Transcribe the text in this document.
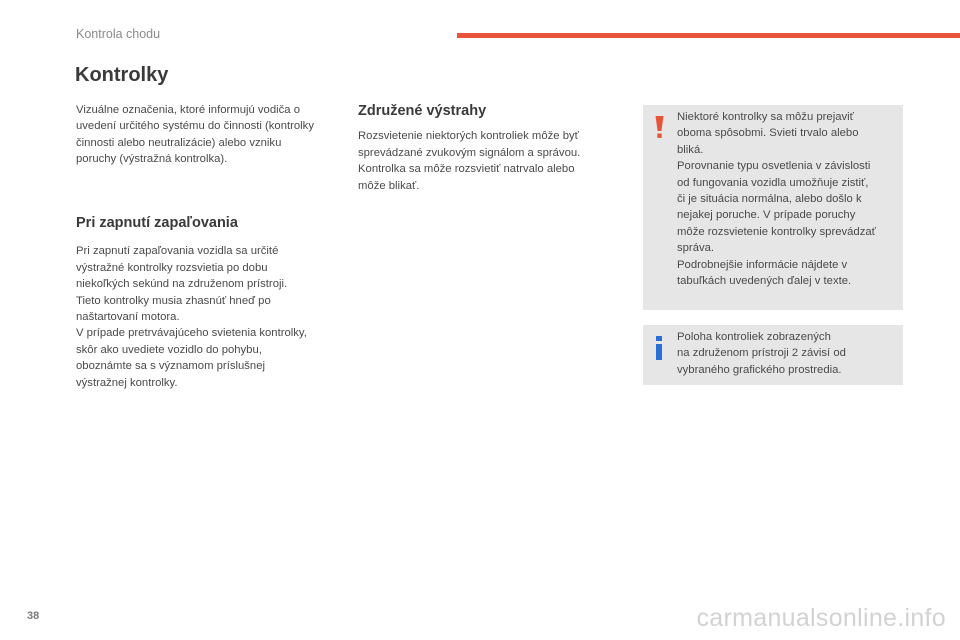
Kontrola chodu
Kontrolky

Vizuálne označenia, ktoré informujú vodiča o

uvedení určitého systému do činnosti (kontrolky

činnosti alebo neutralizácie) alebo vzniku

poruchy (výstražná kontrolka).

Pri zapnutí zapaľovania

Pri zapnutí zapaľovania vozidla sa určité

výstražné kontrolky rozsvietia po dobu

niekoľkých sekúnd na združenom prístroji.

Tieto kontrolky musia zhasnúť hneď po

naštartovaní motora.

V prípade pretrvávajúceho svietenia kontrolky,

skôr ako uvediete vozidlo do pohybu,

oboznámte sa s významom príslušnej

výstražnej kontrolky.

Združené výstrahy

Rozsvietenie niektorých kontroliek môže byť

sprevádzané zvukovým signálom a správou.

Kontrolka sa môže rozsvietiť natrvalo alebo

môže blikať.

Niektoré kontrolky sa môžu prejaviť

oboma spôsobmi. Svieti trvalo alebo

bliká.

Porovnanie typu osvetlenia v závislosti

od fungovania vozidla umožňuje zistiť,

či je situácia normálna, alebo došlo k

nejakej poruche. V prípade poruchy

môže rozsvietenie kontrolky sprevádzať

správa.

Podrobnejšie informácie nájdete v

tabuľkách uvedených ďalej v texte.

Poloha kontroliek zobrazených

na združenom prístroji 2 závisí od

vybraného grafického prostredia.

38	carmanualsonline.info
